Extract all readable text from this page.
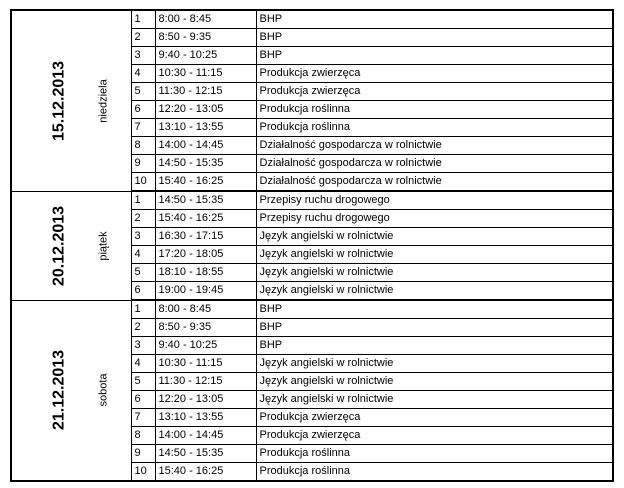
15.12.2013 niedziela	1	8:00 - 8:45	BHP
	2	8:50 - 9:35	BHP
	3	9:40 - 10:25	BHP
	4	10:30 - 11:15	Produkcja zwierzęca
	5	11:30 - 12:15	Produkcja zwierzęca
	6	12:20 - 13:05	Produkcja roślinna
	7	13:10 - 13:55	Produkcja roślinna
	8	14:00 - 14:45	Działalność gospodarcza w rolnictwie
	9	14:50 - 15:35	Działalność gospodarcza w rolnictwie
	10	15:40 - 16:25	Działalność gospodarcza w rolnictwie

20.12.2013 piątek	1	14:50 - 15:35	Przepisy ruchu drogowego
	2	15:40 - 16:25	Przepisy ruchu drogowego
	3	16:30 - 17:15	Język angielski w rolnictwie
	4	17:20 - 18:05	Język angielski w rolnictwie
	5	18:10 - 18:55	Język angielski w rolnictwie
	6	19:00 - 19:45	Język angielski w rolnictwie

21.12.2013 sobota	1	8:00 - 8:45	BHP
	2	8:50 - 9:35	BHP
	3	9:40 - 10:25	BHP
	4	10:30 - 11:15	Język angielski w rolnictwie
	5	11:30 - 12:15	Język angielski w rolnictwie
	6	12:20 - 13:05	Język angielski w rolnictwie
	7	13:10 - 13:55	Produkcja zwierzęca
	8	14:00 - 14:45	Produkcja zwierzęca
	9	14:50 - 15:35	Produkcja roślinna
	10	15:40 - 16:25	Produkcja roślinna
